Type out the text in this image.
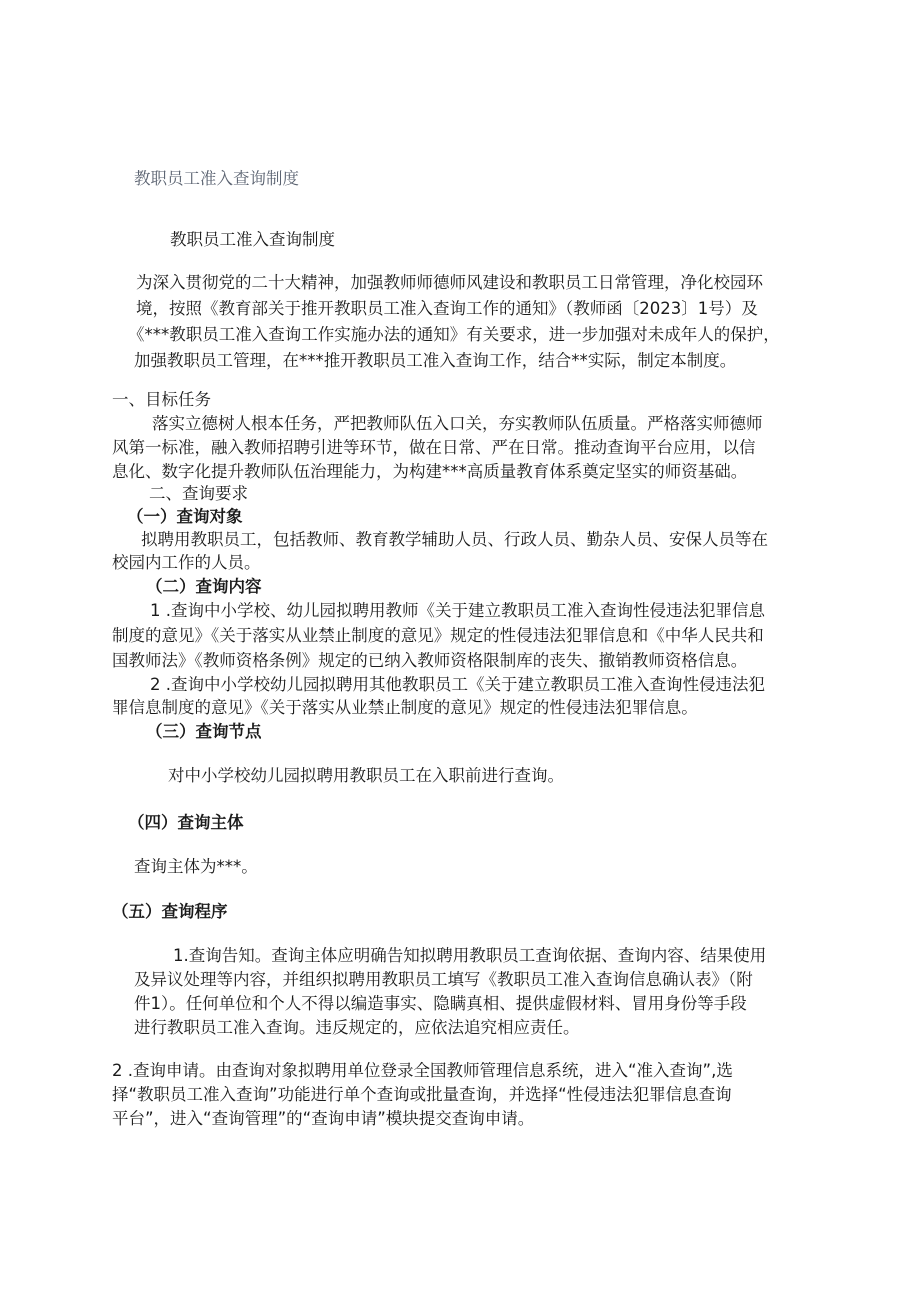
教职员工准入查询制度

教职员工准入查询制度

为深入贯彻党的二十大精神，加强教师师德师风建设和教职员工日常管理，净化校园环

境，按照《教育部关于推开教职员工准入查询工作的通知》（教师函〔2023〕1号）及

《***教职员工准入查询工作实施办法的通知》有关要求，进一步加强对未成年人的保护，

加强教职员工管理，在***推开教职员工准入查询工作，结合**实际，制定本制度。

一、目标任务

落实立德树人根本任务，严把教师队伍入口关，夯实教师队伍质量。严格落实师德师

风第一标准，融入教师招聘引进等环节，做在日常、严在日常。推动查询平台应用，以信

息化、数字化提升教师队伍治理能力，为构建***高质量教育体系奠定坚实的师资基础。

二、查询要求

（一）查询对象

拟聘用教职员工，包括教师、教育教学辅助人员、行政人员、勤杂人员、安保人员等在

校园内工作的人员。

（二）查询内容

1 .查询中小学校、幼儿园拟聘用教师《关于建立教职员工准入查询性侵违法犯罪信息

制度的意见》《关于落实从业禁止制度的意见》规定的性侵违法犯罪信息和《中华人民共和

国教师法》《教师资格条例》规定的已纳入教师资格限制库的丧失、撤销教师资格信息。

2 .查询中小学校幼儿园拟聘用其他教职员工《关于建立教职员工准入查询性侵违法犯

罪信息制度的意见》《关于落实从业禁止制度的意见》规定的性侵违法犯罪信息。

（三）查询节点

对中小学校幼儿园拟聘用教职员工在入职前进行查询。

（四）查询主体

查询主体为***。

（五）查询程序

1.查询告知。查询主体应明确告知拟聘用教职员工查询依据、查询内容、结果使用

及异议处理等内容，并组织拟聘用教职员工填写《教职员工准入查询信息确认表》（附

件1）。任何单位和个人不得以编造事实、隐瞒真相、提供虚假材料、冒用身份等手段

进行教职员工准入查询。违反规定的，应依法追究相应责任。

2 .查询申请。由查询对象拟聘用单位登录全国教师管理信息系统，进入“准入查询”,选

择“教职员工准入查询”功能进行单个查询或批量查询，并选择“性侵违法犯罪信息查询

平台”，进入“查询管理”的“查询申请”模块提交查询申请。
